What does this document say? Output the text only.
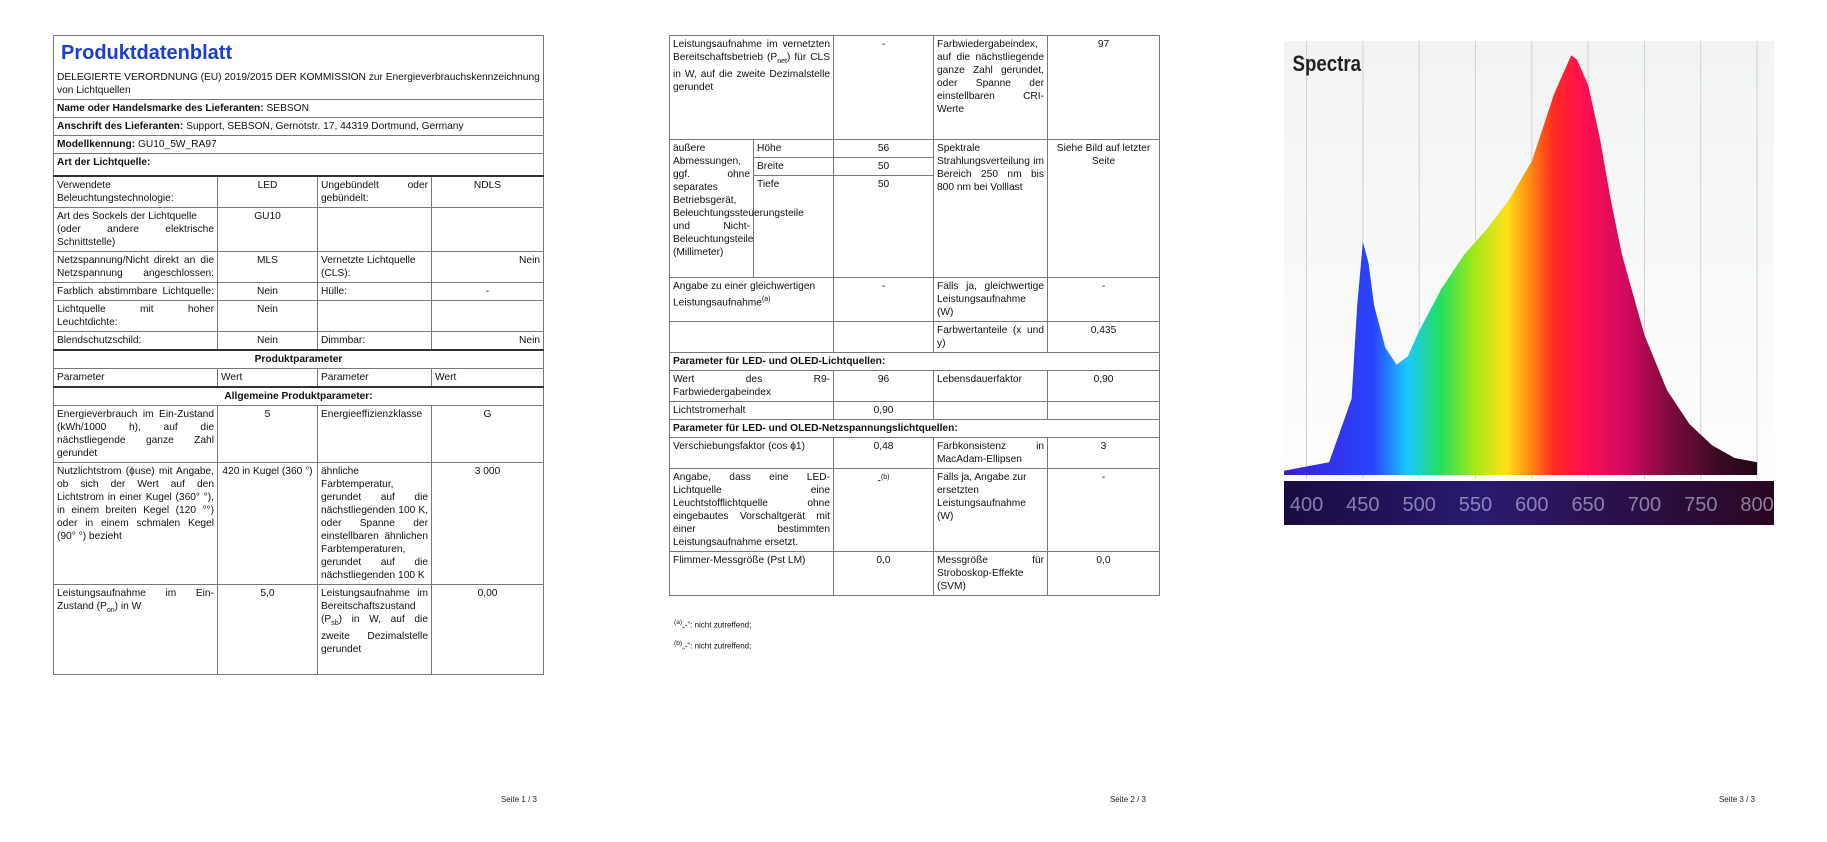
Produktdatenblatt			

DELEGIERTE VERORDNUNG (EU) 2019/2015 DER KOMMISSION zur Energieverbrauchskennzeichnung von Lichtquellen			
Name oder Handelsmarke des Lieferanten: SEBSON			
Anschrift des Lieferanten: Support, SEBSON, Gernotstr. 17, 44319 Dortmund, Germany			
Modellkennung: GU10_5W_RA97			
Art der Lichtquelle:			
Verwendete Beleuchtungstechnologie:	LED	Ungebündelt oder gebündelt:	NDLS

Art des Sockels der Lichtquelle
(oder andere elektrische Schnittstelle)	GU10		
Netzspannung/Nicht direkt an die Netzspannung angeschlossen:	MLS	Vernetzte Lichtquelle (CLS):	Nein
Farblich abstimmbare Lichtquelle:	Nein	Hülle:	-
Lichtquelle mit hoher Leuchtdichte:	Nein		
Blendschutzschild:	Nein	Dimmbar:	Nein
Produktparameter			
Parameter	Wert	Parameter	Wert
Allgemeine Produktparameter:			
Energieverbrauch im Ein-Zustand (kWh/1000 h), auf die nächstliegende ganze Zahl gerundet	5	Energieeffizienzklasse	G
Nutzlichtstrom (ϕuse) mit Angabe, ob sich der Wert auf den Lichtstrom in einer Kugel (360° °), in einem breiten Kegel (120 °°) oder in einem schmalen Kegel (90° °) bezieht	420 in Kugel (360 °)	ähnliche Farbtemperatur, gerundet auf die nächstliegenden 100 K, oder Spanne der einstellbaren ähnlichen Farbtemperaturen, gerundet auf die nächstliegenden 100 K	3 000
Leistungsaufnahme im Ein-Zustand $(P_{on})$ in W	5,0	Leistungsaufnahme im Bereitschaftszustand $(P_{sb})$ in W, auf die zweite Dezimalstelle gerundet	0,00
Seite 1 / 3
Leistungsaufnahme im vernetzten Bereitschaftsbetrieb $(P_{net})$ für CLS in W, auf die zweite Dezimalstelle gerundet		-	Farbwiedergabeindex, auf die nächstliegende ganze Zahl gerundet, oder Spanne der einstellbaren CRI-Werte	97
äußere Abmessungen, ggf. ohne separates Betriebsgerät, Beleuchtungssteuerungsteile und Nicht-Beleuchtungsteile (Millimeter)	Höhe	56	Spektrale Strahlungsverteilung im Bereich 250 nm bis 800 nm bei Volllast	Siehe Bild auf letzter Seite
	Breite	50		
	Tiefe	50		
Angabe zu einer gleichwertigen Leistungsaufnahme$^{(a)}$		-	Falls ja, gleichwertige Leistungsaufnahme (W)	-
			Farbwertanteile (x und y)	0,435
Parameter für LED- und OLED-Lichtquellen:				
Wert des R9-Farbwiedergabeindex		96	Lebensdauerfaktor	0,90
Lichtstromerhalt		0,90		
Parameter für LED- und OLED-Netzspannungslichtquellen:				
Verschiebungsfaktor (cos ϕ1)		0,48	Farbkonsistenz in MacAdam-Ellipsen	3
Angabe, dass eine LED-Lichtquelle eine Leuchtstofflichtquelle ohne eingebautes Vorschaltgerät mit einer bestimmten Leistungsaufnahme ersetzt.		-$^{(b)}$	Falls ja, Angabe zur ersetzten Leistungsaufnahme (W)	-
Flimmer-Messgröße (Pst LM)		0,0	Messgröße für Stroboskop-Effekte (SVM)	0,0
$^{(a)}$„-“: nicht zutreffend;
$^{(b)}$„-“: nicht zutreffend;
Seite 2 / 3
400 450 500 550 600 650 700 750 800
Spectra
Seite 3 / 3
